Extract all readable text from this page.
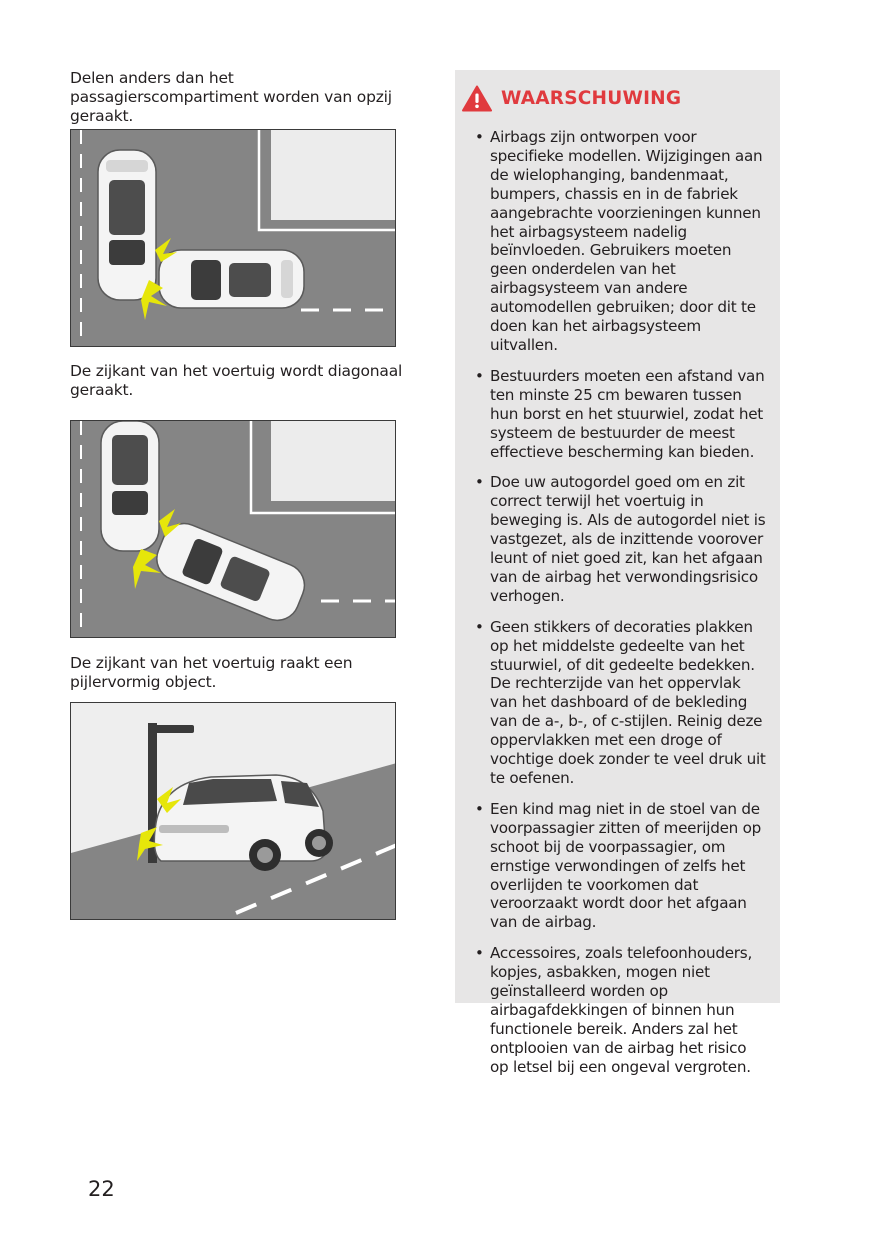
Delen anders dan het passagierscompartiment worden van opzij geraakt.

De zijkant van het voertuig wordt diagonaal geraakt.

De zijkant van het voertuig raakt een pijlervormig object.

WAARSCHUWING
• Airbags zijn ontworpen voor specifieke modellen. Wijzigingen aan de wielophanging, bandenmaat, bumpers, chassis en in de fabriek aangebrachte voorzieningen kunnen het airbagsysteem nadelig beïnvloeden. Gebruikers moeten geen onderdelen van het airbagsysteem van andere automodellen gebruiken; door dit te doen kan het airbagsysteem uitvallen.
• Bestuurders moeten een afstand van ten minste 25 cm bewaren tussen hun borst en het stuurwiel, zodat het systeem de bestuurder de meest effectieve bescherming kan bieden.
• Doe uw autogordel goed om en zit correct terwijl het voertuig in beweging is. Als de autogordel niet is vastgezet, als de inzittende voorover leunt of niet goed zit, kan het afgaan van de airbag het verwondingsrisico verhogen.
• Geen stikkers of decoraties plakken op het middelste gedeelte van het stuurwiel, of dit gedeelte bedekken. De rechterzijde van het oppervlak van het dashboard of de bekleding van de a-, b-, of c-stijlen. Reinig deze oppervlakken met een droge of vochtige doek zonder te veel druk uit te oefenen.
• Een kind mag niet in de stoel van de voorpassagier zitten of meerijden op schoot bij de voorpassagier, om ernstige verwondingen of zelfs het overlijden te voorkomen dat veroorzaakt wordt door het afgaan van de airbag.
• Accessoires, zoals telefoonhouders, kopjes, asbakken, mogen niet geïnstalleerd worden op airbagafdekkingen of binnen hun functionele bereik. Anders zal het ontplooien van de airbag het risico op letsel bij een ongeval vergroten.
22
